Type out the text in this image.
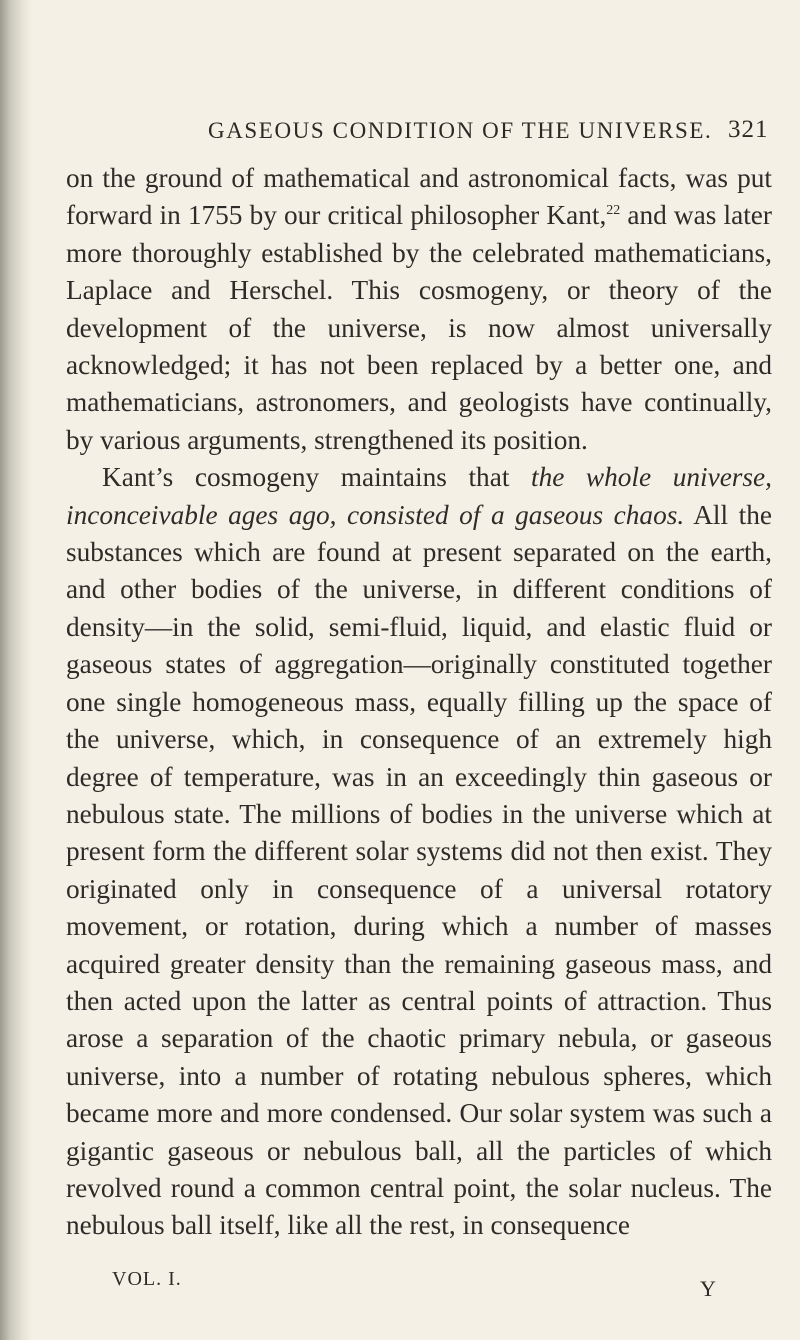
GASEOUS CONDITION OF THE UNIVERSE. 321

on the ground of mathematical and astronomical facts, was put forward in 1755 by our critical philosopher Kant,$^{22}$ and was later more thoroughly established by the celebrated mathematicians, Laplace and Herschel. This cosmogeny, or theory of the development of the universe, is now almost universally acknowledged; it has not been replaced by a better one, and mathematicians, astronomers, and geologists have continually, by various arguments, strengthened its position.

Kant’s cosmogeny maintains that the whole universe, inconceivable ages ago, consisted of a gaseous chaos. All the substances which are found at present separated on the earth, and other bodies of the universe, in different conditions of density—in the solid, semi-fluid, liquid, and elastic fluid or gaseous states of aggregation—originally constituted together one single homogeneous mass, equally filling up the space of the universe, which, in consequence of an extremely high degree of temperature, was in an exceedingly thin gaseous or nebulous state. The millions of bodies in the universe which at present form the different solar systems did not then exist. They originated only in consequence of a universal rotatory movement, or rotation, during which a number of masses acquired greater density than the remaining gaseous mass, and then acted upon the latter as central points of attraction. Thus arose a separation of the chaotic primary nebula, or gaseous universe, into a number of rotating nebulous spheres, which became more and more condensed. Our solar system was such a gigantic gaseous or nebulous ball, all the particles of which revolved round a common central point, the solar nucleus. The nebulous ball itself, like all the rest, in consequence

VOL. I.	Y
